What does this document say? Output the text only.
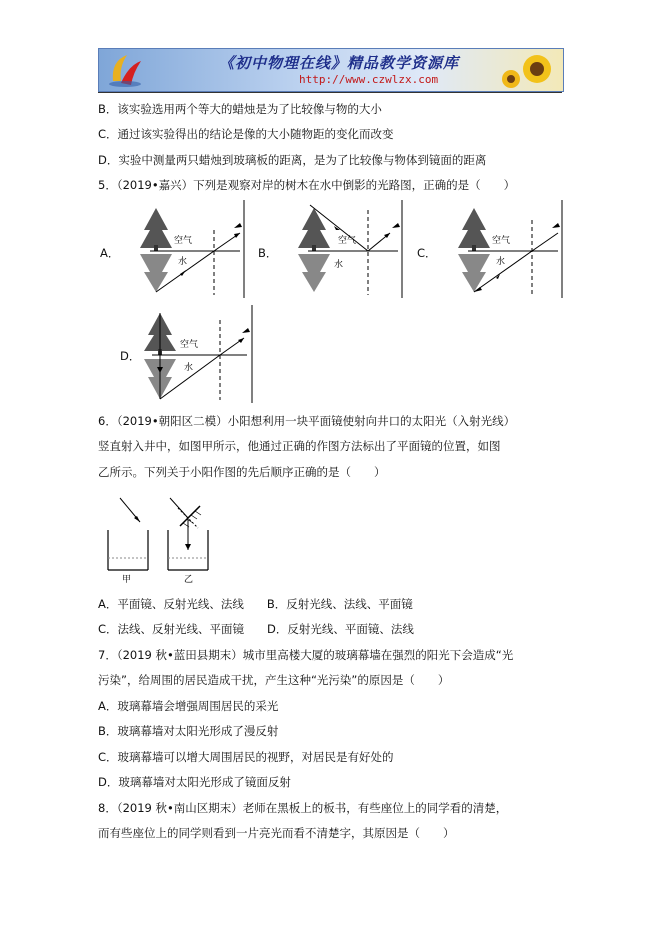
《初中物理在线》精品教学资源库
http://www.czwlzx.com
B．该实验选用两个等大的蜡烛是为了比较像与物的大小
C．通过该实验得出的结论是像的大小随物距的变化而改变
D．实验中测量两只蜡烛到玻璃板的距离，是为了比较像与物体到镜面的距离
5．（2019•嘉兴）下列是观察对岸的树木在水中倒影的光路图，正确的是（　　）
A．	B．	C．
D．
空气
水
空气
水
空气
水
空气
水
6．（2019•朝阳区二模）小阳想利用一块平面镜使射向井口的太阳光（入射光线）
竖直射入井中，如图甲所示，他通过正确的作图方法标出了平面镜的位置，如图
乙所示。下列关于小阳作图的先后顺序正确的是（　　）
甲	乙
A．平面镜、反射光线、法线　　B．反射光线、法线、平面镜
C．法线、反射光线、平面镜　　D．反射光线、平面镜、法线
7．（2019 秋•蓝田县期末）城市里高楼大厦的玻璃幕墙在强烈的阳光下会造成“光
污染”，给周围的居民造成干扰，产生这种“光污染”的原因是（　　）
A．玻璃幕墙会增强周围居民的采光
B．玻璃幕墙对太阳光形成了漫反射
C．玻璃幕墙可以增大周围居民的视野，对居民是有好处的
D．玻璃幕墙对太阳光形成了镜面反射
8．（2019 秋•南山区期末）老师在黑板上的板书，有些座位上的同学看的清楚，
而有些座位上的同学则看到一片亮光而看不清楚字，其原因是（　　）
